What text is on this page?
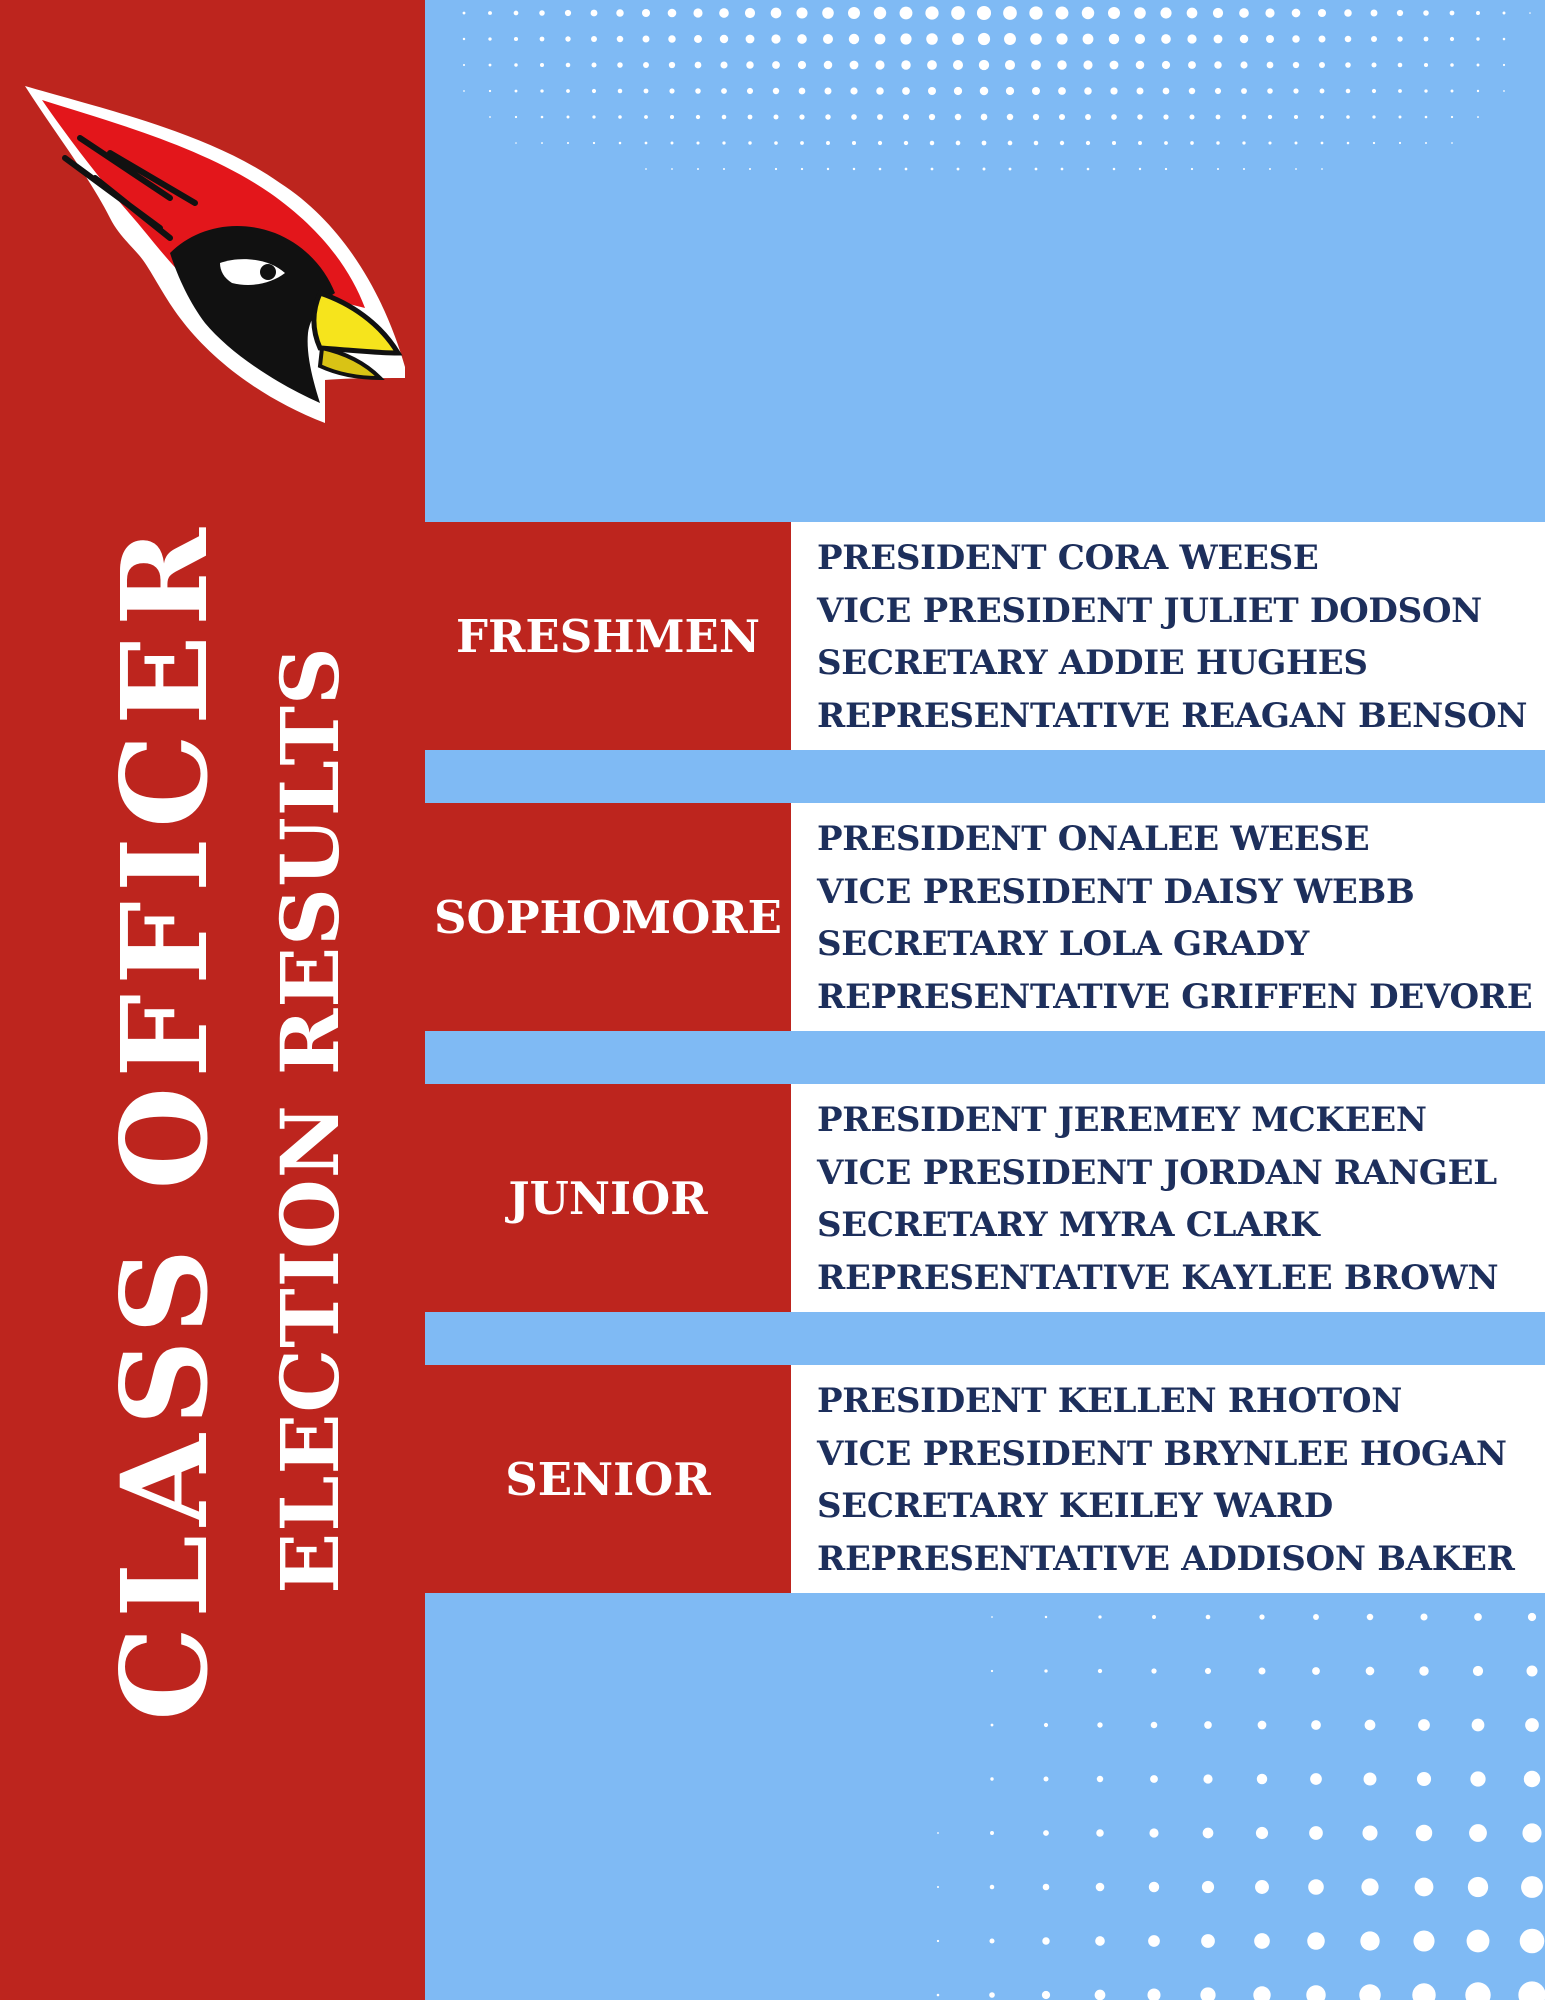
CLASS OFFICER ELECTION RESULTS
FRESHMEN
PRESIDENT CORA WEESE
VICE PRESIDENT JULIET DODSON
SECRETARY ADDIE HUGHES
REPRESENTATIVE REAGAN BENSON
SOPHOMORE
PRESIDENT ONALEE WEESE
VICE PRESIDENT DAISY WEBB
SECRETARY LOLA GRADY
REPRESENTATIVE GRIFFEN DEVORE
JUNIOR
PRESIDENT JEREMEY MCKEEN
VICE PRESIDENT JORDAN RANGEL
SECRETARY MYRA CLARK
REPRESENTATIVE KAYLEE BROWN
SENIOR
PRESIDENT KELLEN RHOTON
VICE PRESIDENT BRYNLEE HOGAN
SECRETARY KEILEY WARD
REPRESENTATIVE ADDISON BAKER
